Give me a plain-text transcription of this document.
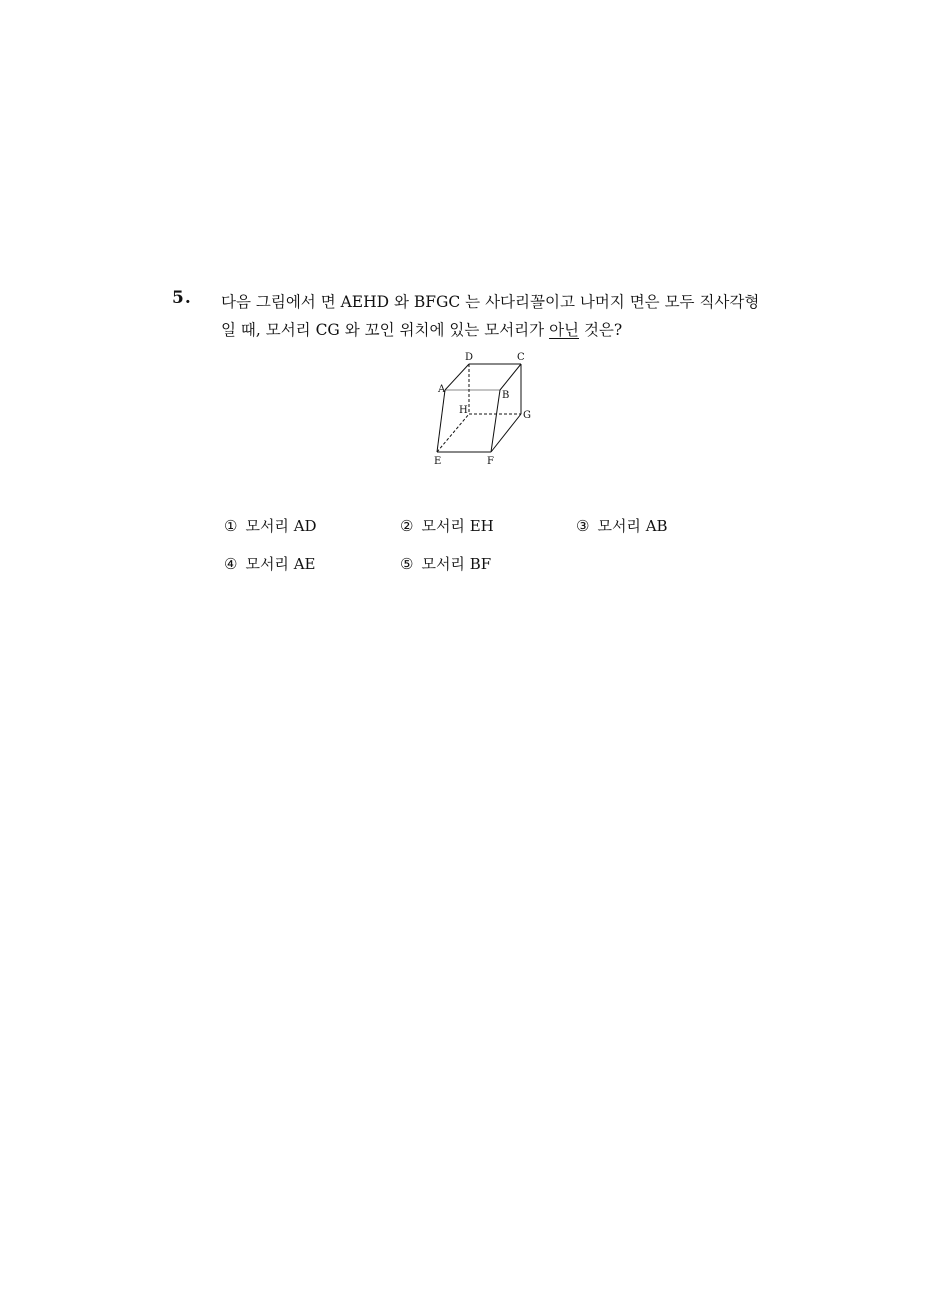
5. 다음 그림에서 면 AEHD 와 BFGC 는 사다리꼴이고 나머지 면은 모두 직사각형
일 때, 모서리 CG 와 꼬인 위치에 있는 모서리가 아닌 것은?
D	C
A
B
H	G
E	F
① 모서리 AD	② 모서리 EH	③ 모서리 AB
④ 모서리 AE	⑤ 모서리 BF
